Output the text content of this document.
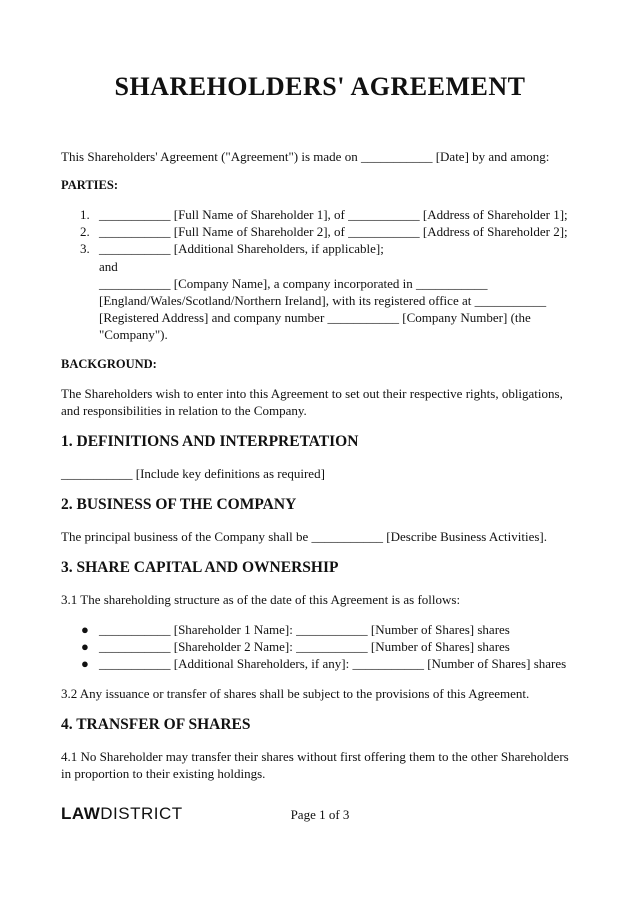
SHAREHOLDERS' AGREEMENT

This Shareholders' Agreement ("Agreement") is made on ___________ [Date] by and among:

PARTIES:

1. ___________ [Full Name of Shareholder 1], of ___________ [Address of Shareholder 1];
2. ___________ [Full Name of Shareholder 2], of ___________ [Address of Shareholder 2];
3. ___________ [Additional Shareholders, if applicable];

and

___________ [Company Name], a company incorporated in ___________ [England/Wales/Scotland/Northern Ireland], with its registered office at ___________ [Registered Address] and company number ___________ [Company Number] (the "Company").

BACKGROUND:

The Shareholders wish to enter into this Agreement to set out their respective rights, obligations, and responsibilities in relation to the Company.

1. DEFINITIONS AND INTERPRETATION

___________ [Include key definitions as required]

2. BUSINESS OF THE COMPANY

The principal business of the Company shall be ___________ [Describe Business Activities].

3. SHARE CAPITAL AND OWNERSHIP

3.1 The shareholding structure as of the date of this Agreement is as follows:

● ___________ [Shareholder 1 Name]: ___________ [Number of Shares] shares
● ___________ [Shareholder 2 Name]: ___________ [Number of Shares] shares
● ___________ [Additional Shareholders, if any]: ___________ [Number of Shares] shares

3.2 Any issuance or transfer of shares shall be subject to the provisions of this Agreement.

4. TRANSFER OF SHARES

4.1 No Shareholder may transfer their shares without first offering them to the other Shareholders in proportion to their existing holdings.

LAWDISTRICT	Page 1 of 3
